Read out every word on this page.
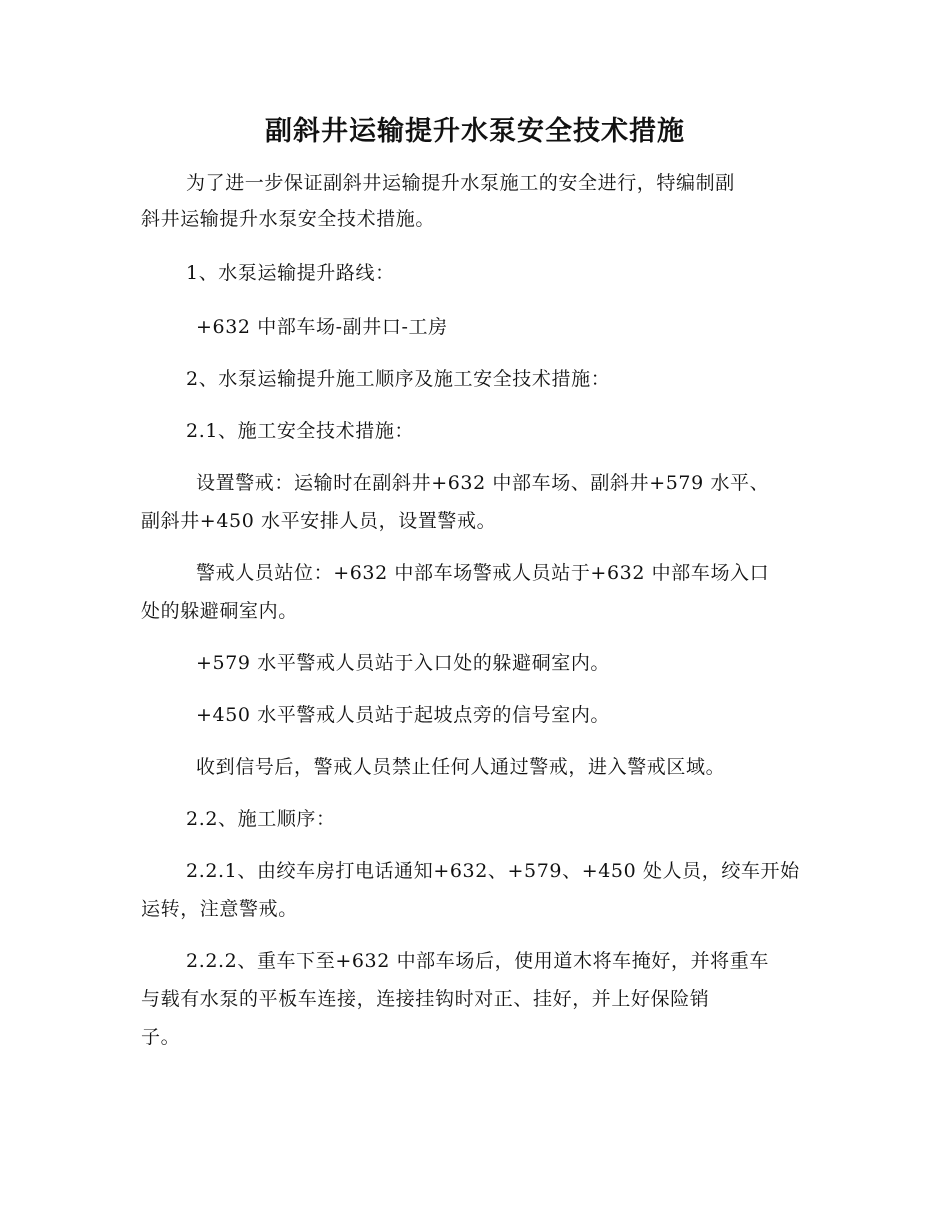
副斜井运输提升水泵安全技术措施
为了进一步保证副斜井运输提升水泵施工的安全进行，特编制副
斜井运输提升水泵安全技术措施。
1、水泵运输提升路线：
+632 中部车场-副井口-工房
2、水泵运输提升施工顺序及施工安全技术措施：
2.1、施工安全技术措施：
设置警戒：运输时在副斜井+632 中部车场、副斜井+579 水平、
副斜井+450 水平安排人员，设置警戒。
警戒人员站位：+632 中部车场警戒人员站于+632 中部车场入口
处的躲避硐室内。
+579 水平警戒人员站于入口处的躲避硐室内。
+450 水平警戒人员站于起坡点旁的信号室内。
收到信号后，警戒人员禁止任何人通过警戒，进入警戒区域。
2.2、施工顺序：
2.2.1、由绞车房打电话通知+632、+579、+450 处人员，绞车开始
运转，注意警戒。
2.2.2、重车下至+632 中部车场后，使用道木将车掩好，并将重车
与载有水泵的平板车连接，连接挂钩时对正、挂好，并上好保险销
子。
